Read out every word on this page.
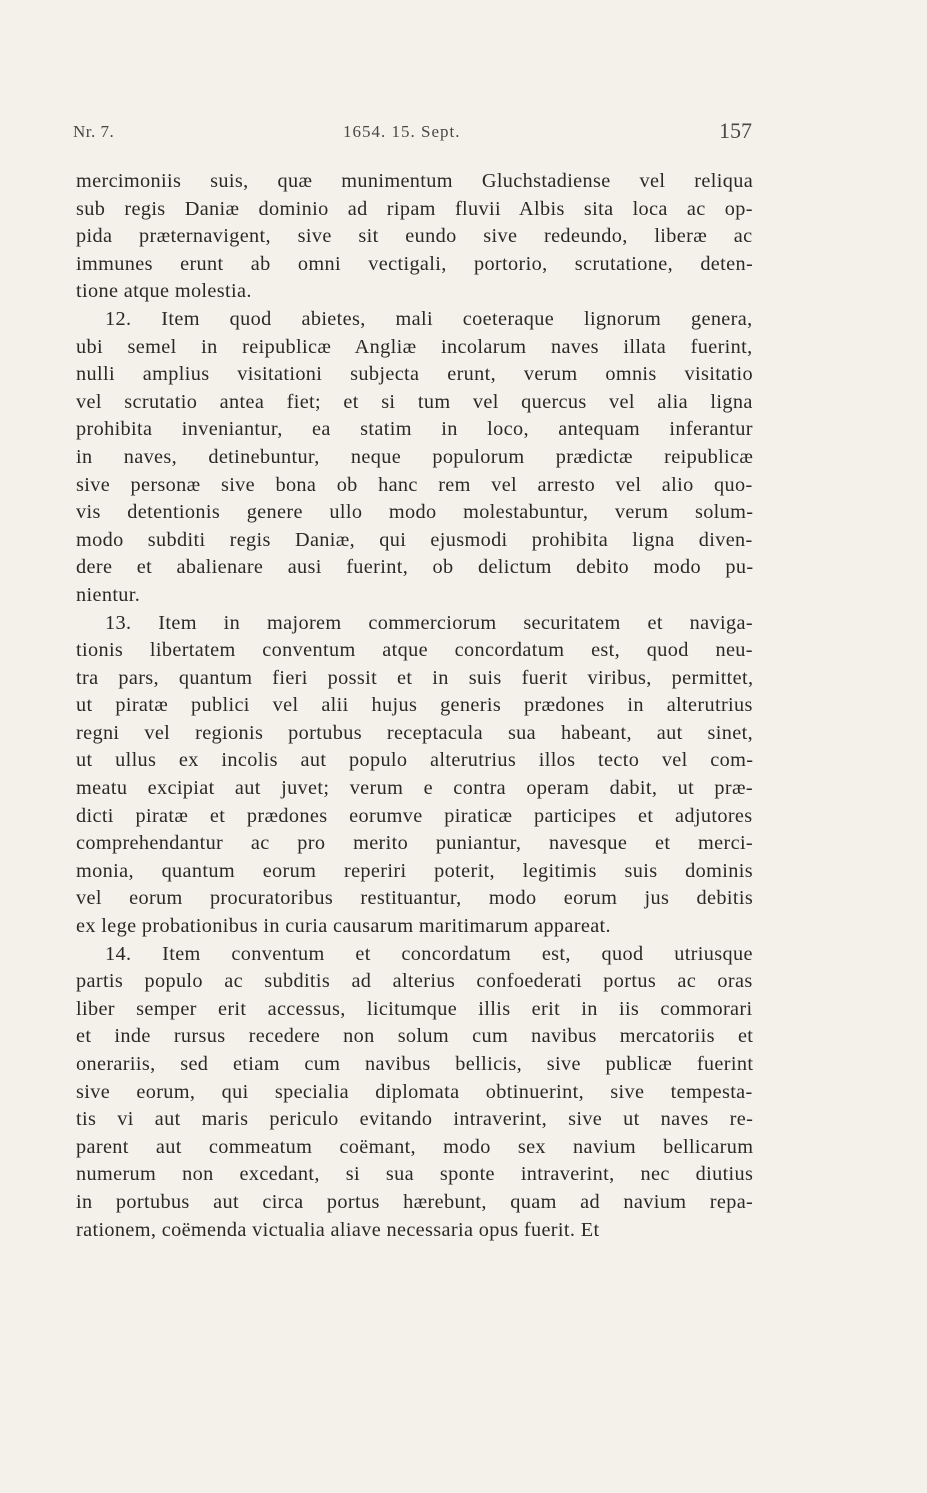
Nr. 7.	1654. 15. Sept.	157
mercimoniis suis, quæ munimentum Gluchstadiense vel reliqua
sub regis Daniæ dominio ad ripam fluvii Albis sita loca ac op-
pida præternavigent, sive sit eundo sive redeundo, liberæ ac
immunes erunt ab omni vectigali, portorio, scrutatione, deten-
tione atque molestia.
12. Item quod abietes, mali coeteraque lignorum genera,
ubi semel in reipublicæ Angliæ incolarum naves illata fuerint,
nulli amplius visitationi subjecta erunt, verum omnis visitatio
vel scrutatio antea fiet; et si tum vel quercus vel alia ligna
prohibita inveniantur, ea statim in loco, antequam inferantur
in naves, detinebuntur, neque populorum prædictæ reipublicæ
sive personæ sive bona ob hanc rem vel arresto vel alio quo-
vis detentionis genere ullo modo molestabuntur, verum solum-
modo subditi regis Daniæ, qui ejusmodi prohibita ligna diven-
dere et abalienare ausi fuerint, ob delictum debito modo pu-
nientur.
13. Item in majorem commerciorum securitatem et naviga-
tionis libertatem conventum atque concordatum est, quod neu-
tra pars, quantum fieri possit et in suis fuerit viribus, permittet,
ut piratæ publici vel alii hujus generis prædones in alterutrius
regni vel regionis portubus receptacula sua habeant, aut sinet,
ut ullus ex incolis aut populo alterutrius illos tecto vel com-
meatu excipiat aut juvet; verum e contra operam dabit, ut præ-
dicti piratæ et prædones eorumve piraticæ participes et adjutores
comprehendantur ac pro merito puniantur, navesque et merci-
monia, quantum eorum reperiri poterit, legitimis suis dominis
vel eorum procuratoribus restituantur, modo eorum jus debitis
ex lege probationibus in curia causarum maritimarum appareat.
14. Item conventum et concordatum est, quod utriusque
partis populo ac subditis ad alterius confoederati portus ac oras
liber semper erit accessus, licitumque illis erit in iis commorari
et inde rursus recedere non solum cum navibus mercatoriis et
onerariis, sed etiam cum navibus bellicis, sive publicæ fuerint
sive eorum, qui specialia diplomata obtinuerint, sive tempesta-
tis vi aut maris periculo evitando intraverint, sive ut naves re-
parent aut commeatum coëmant, modo sex navium bellicarum
numerum non excedant, si sua sponte intraverint, nec diutius
in portubus aut circa portus hærebunt, quam ad navium repa-
rationem, coëmenda victualia aliave necessaria opus fuerit. Et
